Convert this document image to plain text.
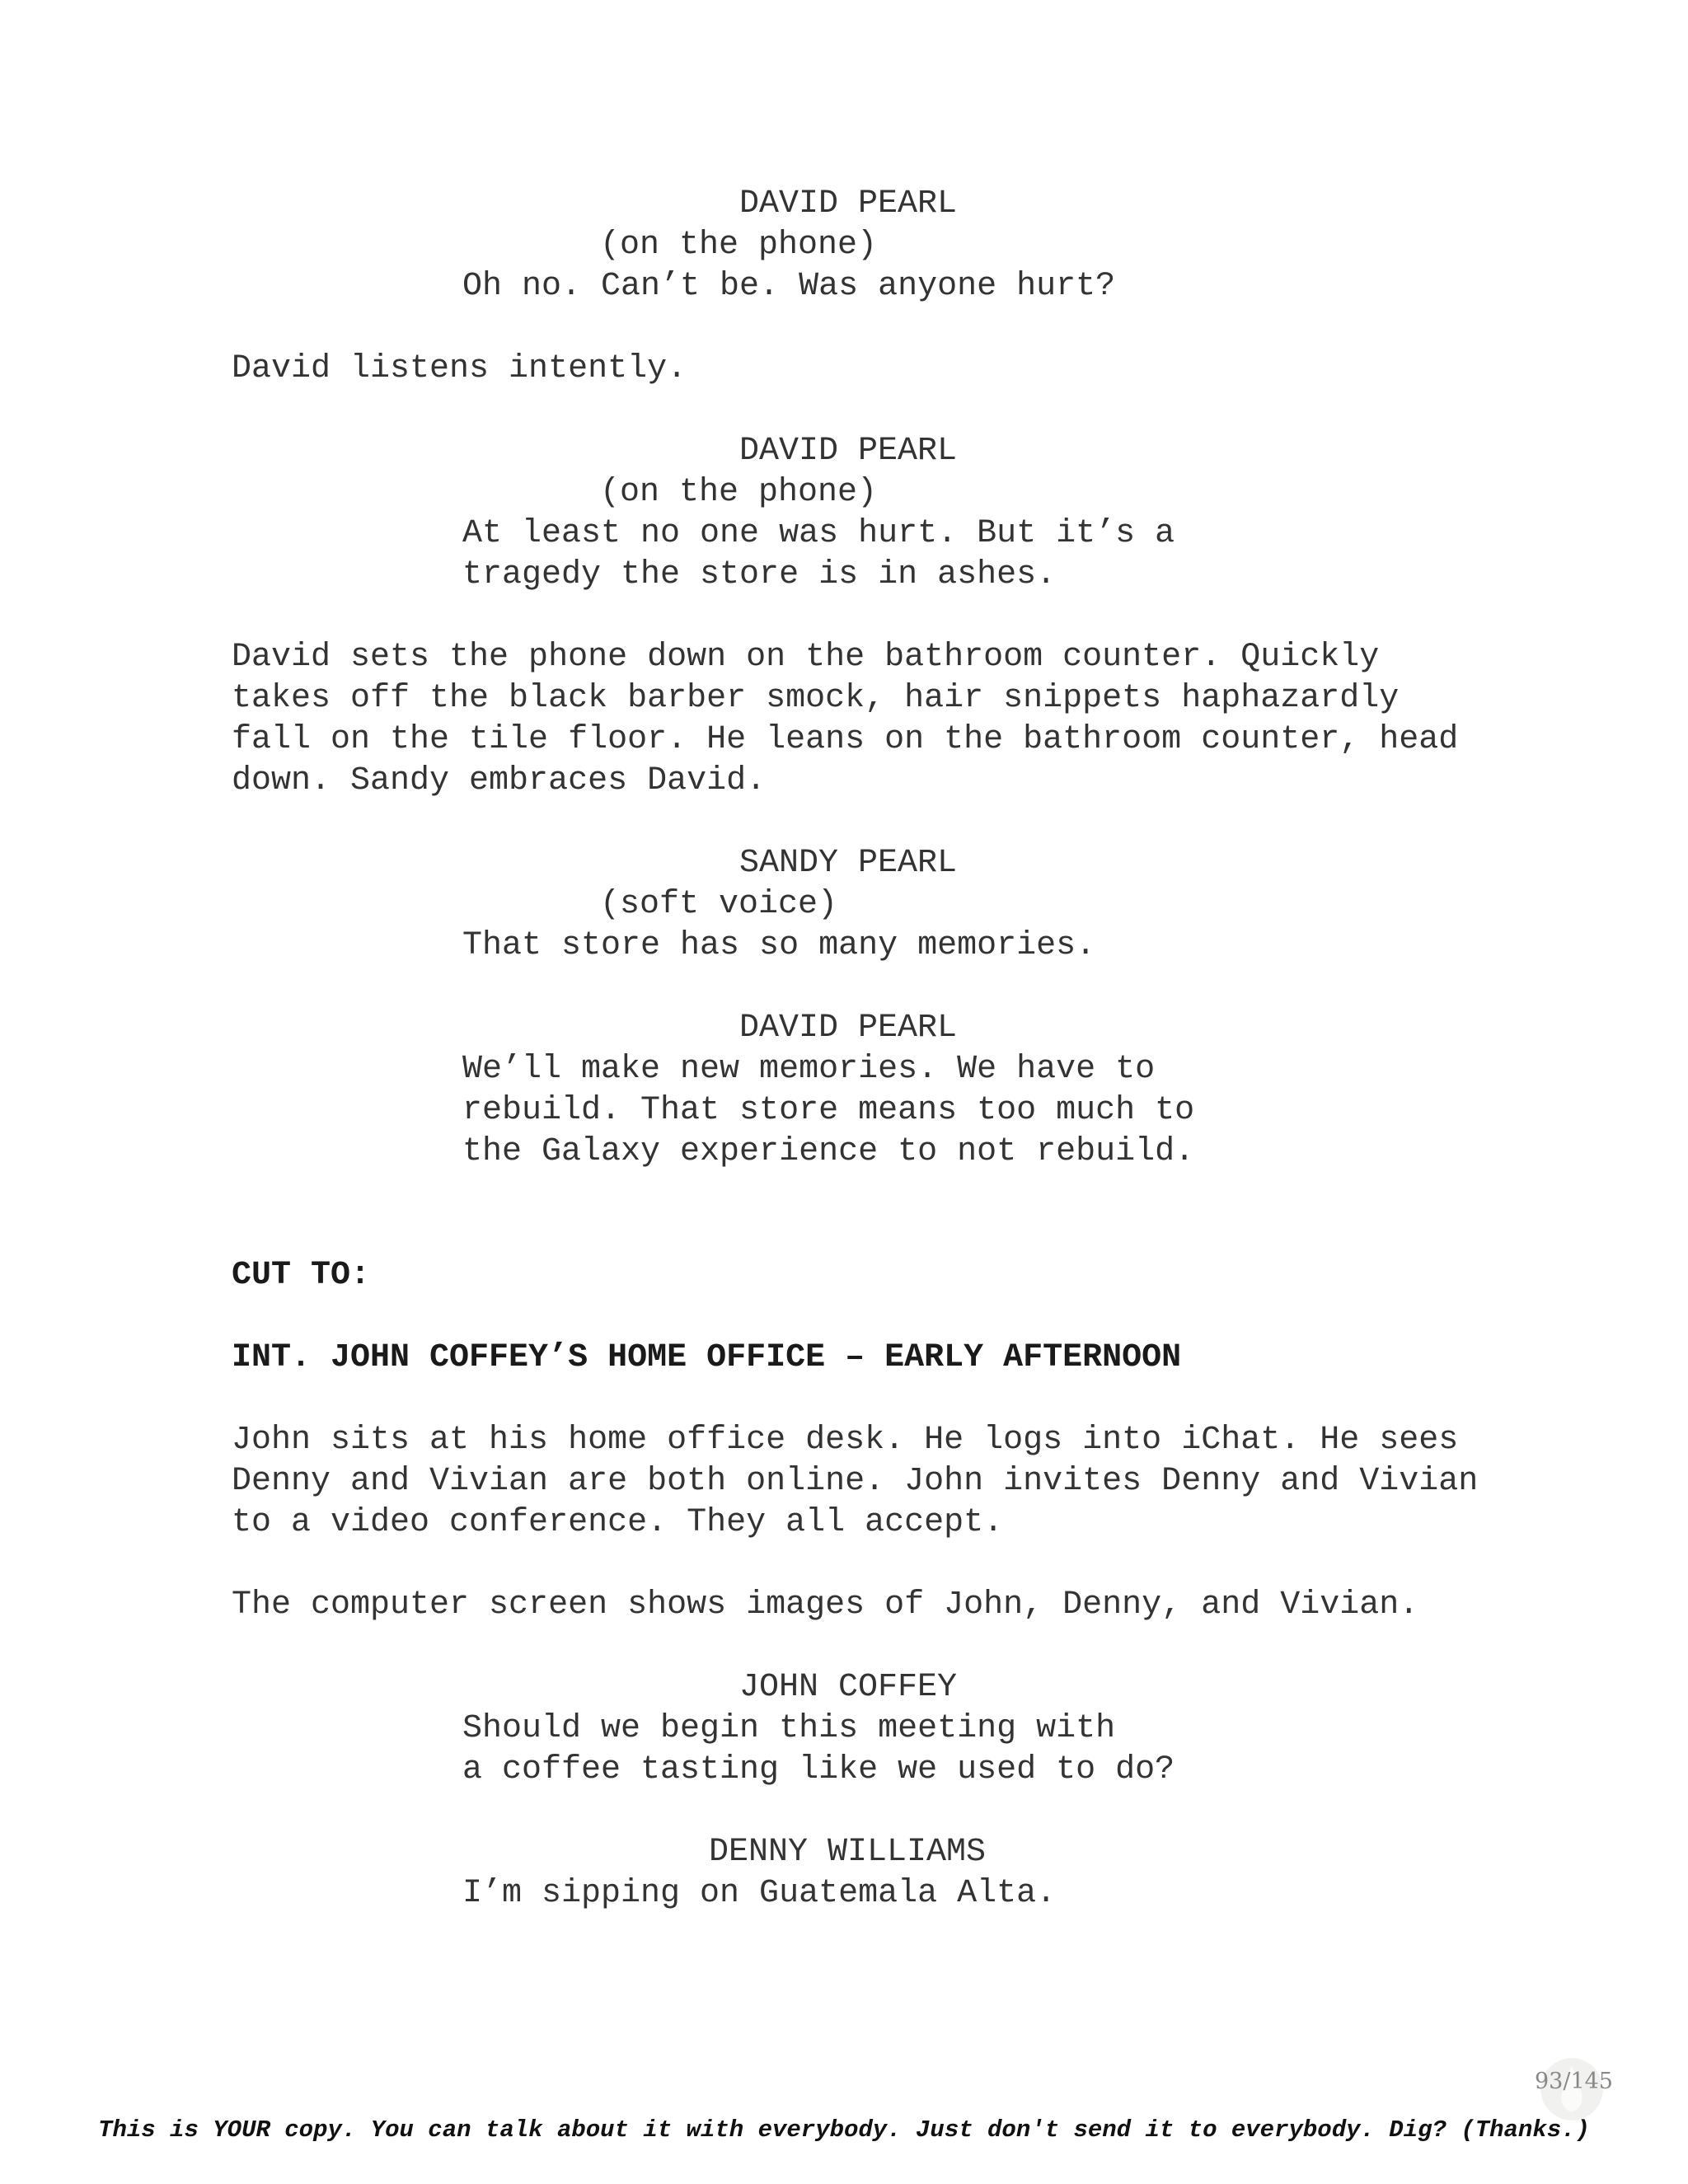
DAVID PEARL
(on the phone)
Oh no. Can’t be. Was anyone hurt?
David listens intently.
DAVID PEARL
(on the phone)
At least no one was hurt. But it’s a
tragedy the store is in ashes.
David sets the phone down on the bathroom counter. Quickly
takes off the black barber smock, hair snippets haphazardly
fall on the tile floor. He leans on the bathroom counter, head
down. Sandy embraces David.
SANDY PEARL
(soft voice)
That store has so many memories.
DAVID PEARL
We’ll make new memories. We have to
rebuild. That store means too much to
the Galaxy experience to not rebuild.
CUT TO:
INT. JOHN COFFEY’S HOME OFFICE – EARLY AFTERNOON
John sits at his home office desk. He logs into iChat. He sees
Denny and Vivian are both online. John invites Denny and Vivian
to a video conference. They all accept.
The computer screen shows images of John, Denny, and Vivian.
JOHN COFFEY
Should we begin this meeting with
a coffee tasting like we used to do?
DENNY WILLIAMS
I’m sipping on Guatemala Alta.
93/145
This is YOUR copy. You can talk about it with everybody. Just don't send it to everybody. Dig? (Thanks.)
